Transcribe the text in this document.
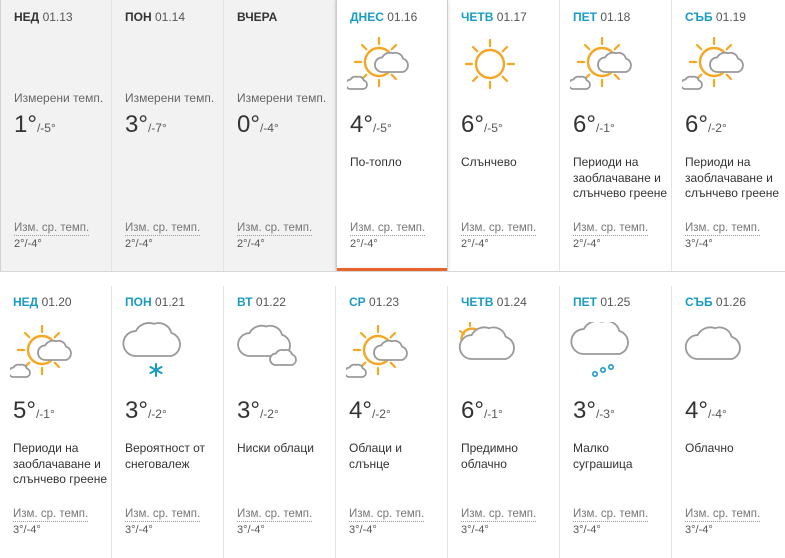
НЕД 01.13
Измерени темп.
1°/-5°
Изм. ср. темп.
2°/-4°
ПОН 01.14
Измерени темп.
3°/-7°
Изм. ср. темп.
2°/-4°
ВЧЕРА
Измерени темп.
0°/-4°
Изм. ср. темп.
2°/-4°
ДНЕС 01.16
4°/-5°
По-топло
Изм. ср. темп.
2°/-4°
ЧЕТВ 01.17
6°/-5°
Слънчево
Изм. ср. темп.
2°/-4°
ПЕТ 01.18
6°/-1°
Периоди на заоблачаване и слънчево греене
Изм. ср. темп.
2°/-4°
СЪБ 01.19
6°/-2°
Периоди на заоблачаване и слънчево греене
Изм. ср. темп.
3°/-4°
НЕД 01.20
5°/-1°
Периоди на заоблачаване и слънчево греене
Изм. ср. темп.
3°/-4°
ПОН 01.21
3°/-2°
Вероятност от снеговалеж
Изм. ср. темп.
3°/-4°
ВТ 01.22
3°/-2°
Ниски облаци
Изм. ср. темп.
3°/-4°
СР 01.23
4°/-2°
Облаци и слънце
Изм. ср. темп.
3°/-4°
ЧЕТВ 01.24
6°/-1°
Предимно облачно
Изм. ср. темп.
3°/-4°
ПЕТ 01.25
3°/-3°
Малко суграшица
Изм. ср. темп.
3°/-4°
СЪБ 01.26
4°/-4°
Облачно
Изм. ср. темп.
3°/-4°
